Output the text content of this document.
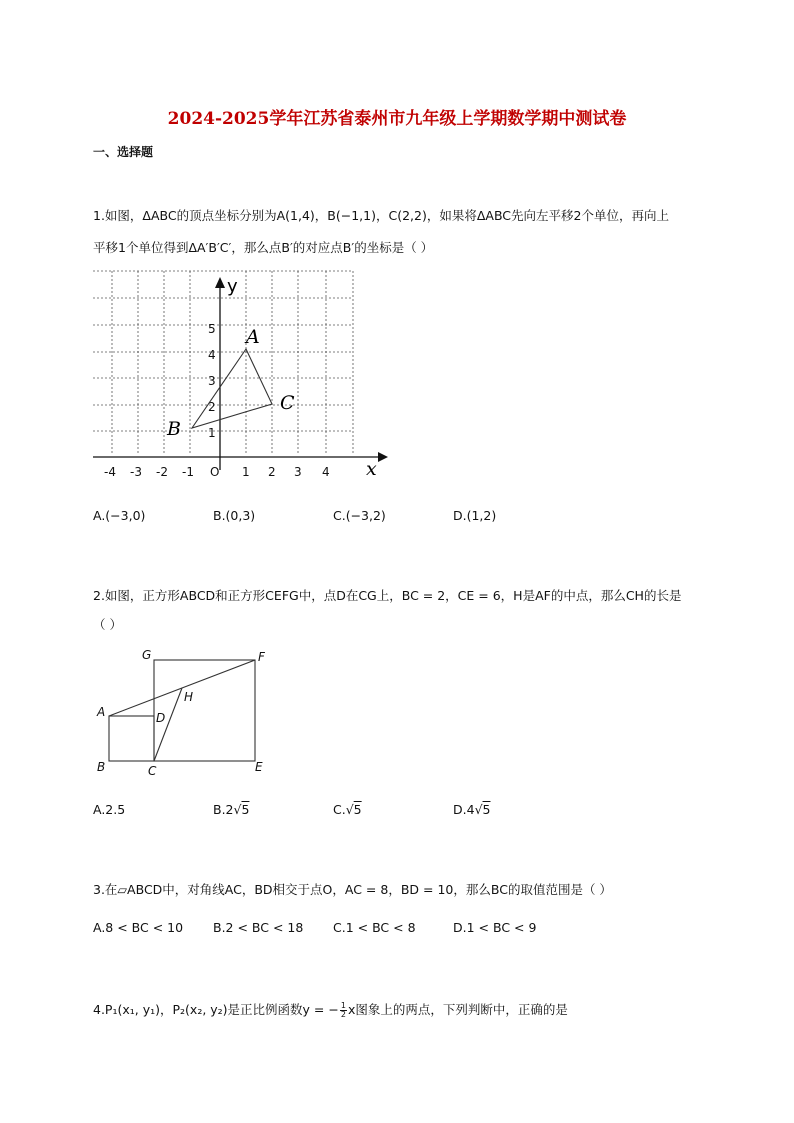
2024-2025学年江苏省泰州市九年级上学期数学期中测试卷
一、选择题
1.如图，ΔABC的顶点坐标分别为A(1,4)，B(−1,1)，C(2,2)，如果将ΔABC先向左平移2个单位，再向上
平移1个单位得到ΔA′B′C′，那么点B′的对应点B′的坐标是（ ）
y
x
-4 -3 -2 -1 O 1 2 3 4
1
2
3
4
5 A
B
C
A.(−3,0)	B.(0,3)	C.(−3,2)	D.(1,2)
2.如图，正方形ABCD和正方形CEFG中，点D在CG上，BC = 2，CE = 6，H是AF的中点，那么CH的长是
（ ）
G	F
H
A	D
B	C	E
A.2.5	B.2√5	C.√5	D.4√5
3.在▱ABCD中，对角线AC，BD相交于点O，AC = 8，BD = 10，那么BC的取值范围是（ ）
A.8 < BC < 10 B.2 < BC < 18 C.1 < BC < 8	D.1 < BC < 9
4.P₁(x₁, y₁)，P₂(x₂, y₂)是正比例函数y = − $\frac{1}{2}$ x图象上的两点，下列判断中，正确的是
